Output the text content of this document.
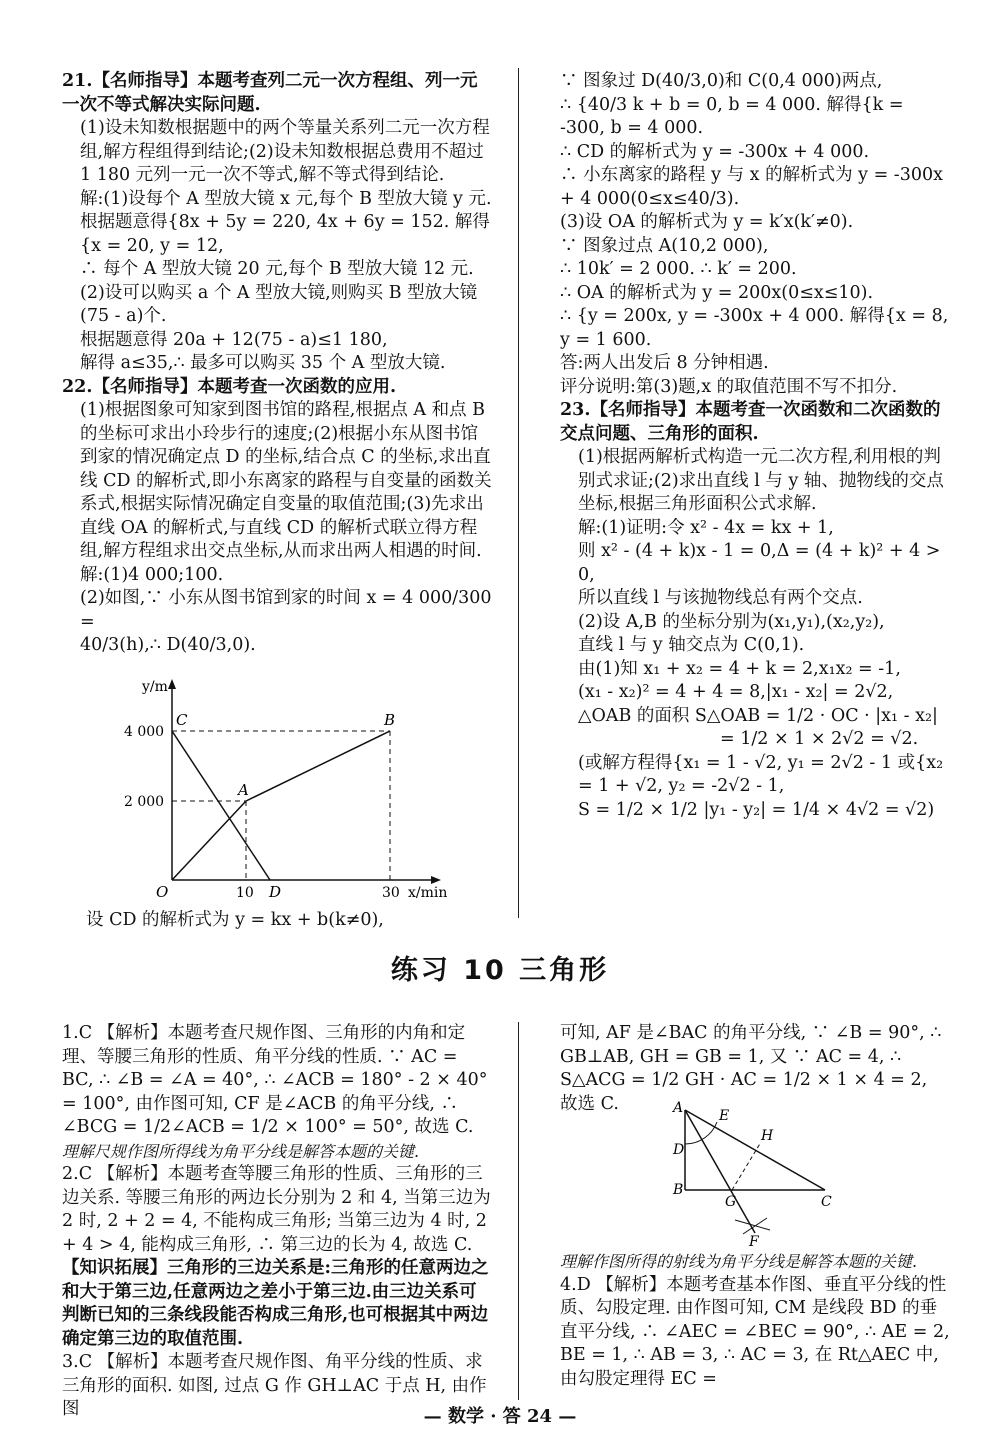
21.【名师指导】本题考查列二元一次方程组、列一元一次不等式解决实际问题.

(1)设未知数根据题中的两个等量关系列二元一次方程组,解方程组得到结论;(2)设未知数根据总费用不超过 1 180 元列一元一次不等式,解不等式得到结论.

解:(1)设每个 A 型放大镜 x 元,每个 B 型放大镜 y 元.

根据题意得{8x + 5y = 220, 4x + 6y = 152. 解得{x = 20, y = 12,

∴ 每个 A 型放大镜 20 元,每个 B 型放大镜 12 元.

(2)设可以购买 a 个 A 型放大镜,则购买 B 型放大镜(75 - a)个.

根据题意得 20a + 12(75 - a)≤1 180,

解得 a≤35,∴ 最多可以购买 35 个 A 型放大镜.

22.【名师指导】本题考查一次函数的应用.

(1)根据图象可知家到图书馆的路程,根据点 A 和点 B 的坐标可求出小玲步行的速度;(2)根据小东从图书馆到家的情况确定点 D 的坐标,结合点 C 的坐标,求出直线 CD 的解析式,即小东离家的路程与自变量的函数关系式,根据实际情况确定自变量的取值范围;(3)先求出直线 OA 的解析式,与直线 CD 的解析式联立得方程组,解方程组求出交点坐标,从而求出两人相遇的时间.

解:(1)4 000;100.

(2)如图,∵ 小东从图书馆到家的时间 x = 4 000/300 =

40/3(h),∴ D(40/3,0).

y/m
x/min
O
4 000
2 000
10 D	30
C	B
A

设 CD 的解析式为 y = kx + b(k≠0),

∵ 图象过 D(40/3,0)和 C(0,4 000)两点,

∴ {40/3 k + b = 0, b = 4 000. 解得{k = -300, b = 4 000.

∴ CD 的解析式为 y = -300x + 4 000.

∴ 小东离家的路程 y 与 x 的解析式为 y = -300x + 4 000(0≤x≤40/3).

(3)设 OA 的解析式为 y = k′x(k′≠0).

∵ 图象过点 A(10,2 000),

∴ 10k′ = 2 000. ∴ k′ = 200.

∴ OA 的解析式为 y = 200x(0≤x≤10).

∴ {y = 200x, y = -300x + 4 000. 解得{x = 8, y = 1 600.

答:两人出发后 8 分钟相遇.

评分说明:第(3)题,x 的取值范围不写不扣分.

23.【名师指导】本题考查一次函数和二次函数的交点问题、三角形的面积.

(1)根据两解析式构造一元二次方程,利用根的判别式求证;(2)求出直线 l 与 y 轴、抛物线的交点坐标,根据三角形面积公式求解.

解:(1)证明:令 x² - 4x = kx + 1,

则 x² - (4 + k)x - 1 = 0,Δ = (4 + k)² + 4 > 0,

所以直线 l 与该抛物线总有两个交点.

(2)设 A,B 的坐标分别为(x₁,y₁),(x₂,y₂),

直线 l 与 y 轴交点为 C(0,1).

由(1)知 x₁ + x₂ = 4 + k = 2,x₁x₂ = -1,

(x₁ - x₂)² = 4 + 4 = 8,|x₁ - x₂| = 2√2,

△OAB 的面积 S△OAB = 1/2 · OC · |x₁ - x₂|

= 1/2 × 1 × 2√2 = √2.

(或解方程得{x₁ = 1 - √2, y₁ = 2√2 - 1 或{x₂ = 1 + √2, y₂ = -2√2 - 1,

S = 1/2 × 1/2 |y₁ - y₂| = 1/4 × 4√2 = √2)

练习 10 三角形

1.C 【解析】本题考查尺规作图、三角形的内角和定理、等腰三角形的性质、角平分线的性质. ∵ AC = BC, ∴ ∠B = ∠A = 40°, ∴ ∠ACB = 180° - 2 × 40° = 100°, 由作图可知, CF 是∠ACB 的角平分线, ∴ ∠BCG = 1/2∠ACB = 1/2 × 100° = 50°, 故选 C.

理解尺规作图所得线为角平分线是解答本题的关键.

2.C 【解析】本题考查等腰三角形的性质、三角形的三边关系. 等腰三角形的两边长分别为 2 和 4, 当第三边为 2 时, 2 + 2 = 4, 不能构成三角形; 当第三边为 4 时, 2 + 4 > 4, 能构成三角形, ∴ 第三边的长为 4, 故选 C.

【知识拓展】三角形的三边关系是:三角形的任意两边之和大于第三边,任意两边之差小于第三边.由三边关系可判断已知的三条线段能否构成三角形,也可根据其中两边确定第三边的取值范围.

3.C 【解析】本题考查尺规作图、角平分线的性质、求三角形的面积. 如图, 过点 G 作 GH⊥AC 于点 H, 由作图

可知, AF 是∠BAC 的角平分线, ∵ ∠B = 90°, ∴ GB⊥AB, GH = GB = 1, 又 ∵ AC = 4, ∴ S△ACG = 1/2 GH · AC = 1/2 × 1 × 4 = 2, 故选 C.	A	E
H
D
B
G	C
F

理解作图所得的射线为角平分线是解答本题的关键.

4.D 【解析】本题考查基本作图、垂直平分线的性质、勾股定理. 由作图可知, CM 是线段 BD 的垂直平分线, ∴ ∠AEC = ∠BEC = 90°, ∴ AE = 2, BE = 1, ∴ AB = 3, ∴ AC = 3, 在 Rt△AEC 中, 由勾股定理得 EC =

— 数学 · 答 24 —
